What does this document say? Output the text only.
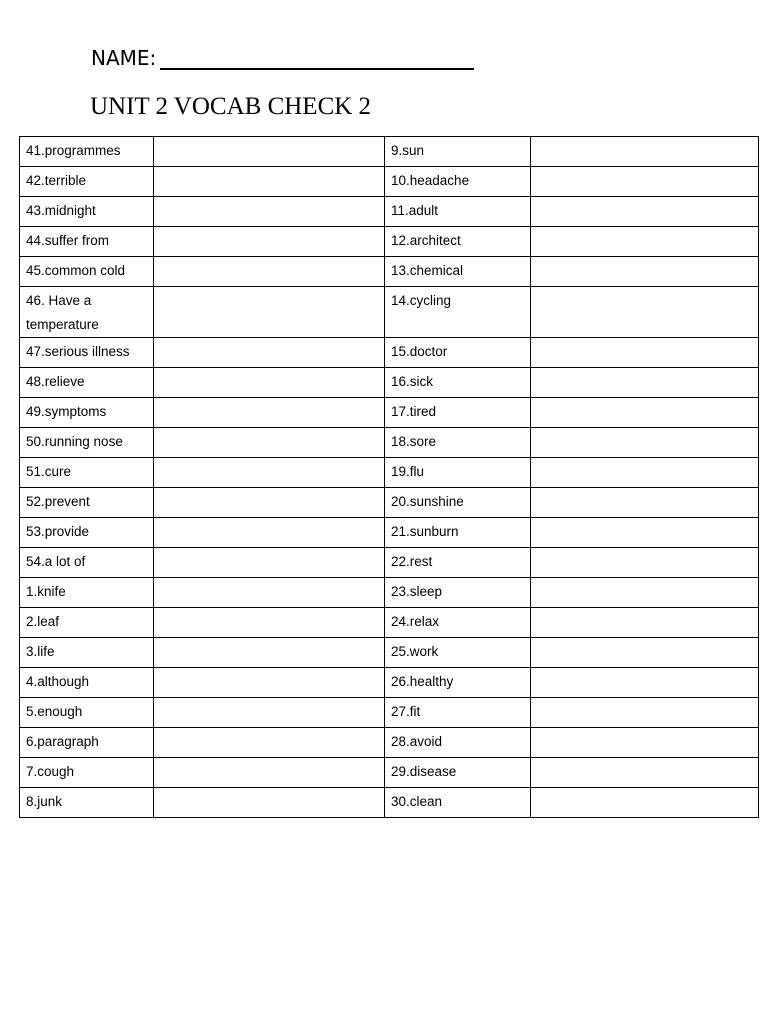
NAME:
UNIT 2 VOCAB CHECK 2
41.programmes		9.sun	
42.terrible		10.headache	
43.midnight		11.adult	
44.suffer from		12.architect	
45.common cold		13.chemical	
46. Have a temperature		14.cycling	
47.serious illness		15.doctor	
48.relieve		16.sick	
49.symptoms		17.tired	
50.running nose		18.sore	
51.cure		19.flu	
52.prevent		20.sunshine	
53.provide		21.sunburn	
54.a lot of		22.rest	
1.knife		23.sleep	
2.leaf		24.relax	
3.life		25.work	
4.although		26.healthy	
5.enough		27.fit	
6.paragraph		28.avoid	
7.cough		29.disease	
8.junk		30.clean	
